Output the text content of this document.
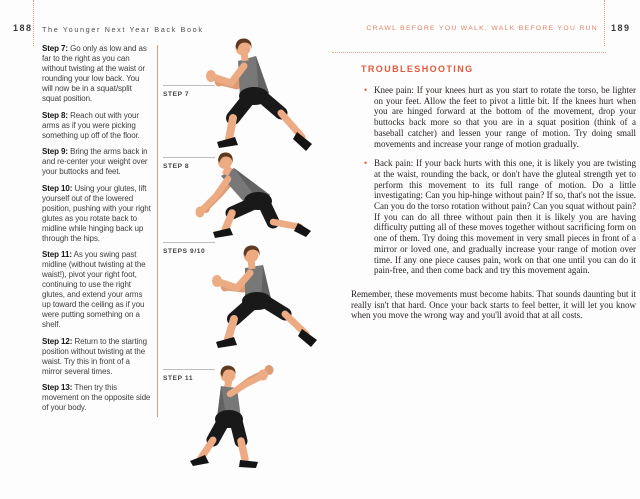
188 The Younger Next Year Back Book

Step 7: Go only as low and as far to the right as you can without twisting at the waist or rounding your low back. You will now be in a squat/split squat position.

Step 8: Reach out with your arms as if you were picking something up off of the floor.

Step 9: Bring the arms back in and re-center your weight over your buttocks and feet.

Step 10: Using your glutes, lift yourself out of the lowered position, pushing with your right glutes as you rotate back to midline while hinging back up through the hips.

Step 11: As you swing past midline (without twisting at the waist!), pivot your right foot, continuing to use the right glutes, and extend your arms up toward the ceiling as if you were putting something on a shelf.

Step 12: Return to the starting position without twisting at the waist. Try this in front of a mirror several times.

Step 13: Then try this movement on the opposite side of your body.

STEP 7
STEP 8
STEPS 9/10
STEP 11
CRAWL BEFORE YOU WALK, WALK BEFORE YOU RUN 189
TROUBLESHOOTING
• Knee pain: If your knees hurt as you start to rotate the torso, be lighter on your feet. Allow the feet to pivot a little bit. If the knees hurt when you are hinged forward at the bottom of the movement, drop your buttocks back more so that you are in a squat position (think of a baseball catcher) and lessen your range of motion. Try doing small movements and increase your range of motion gradually.
• Back pain: If your back hurts with this one, it is likely you are twisting at the waist, rounding the back, or don't have the gluteal strength yet to perform this movement to its full range of motion. Do a little investigating: Can you hip-hinge without pain? If so, that's not the issue. Can you do the torso rotation without pain? Can you squat without pain? If you can do all three without pain then it is likely you are having difficulty putting all of these moves together without sacrificing form on one of them. Try doing this movement in very small pieces in front of a mirror or loved one, and gradually increase your range of motion over time. If any one piece causes pain, work on that one until you can do it pain-free, and then come back and try this movement again.

Remember, these movements must become habits. That sounds daunting but it really isn't that hard. Once your back starts to feel better, it will let you know when you move the wrong way and you'll avoid that at all costs.
